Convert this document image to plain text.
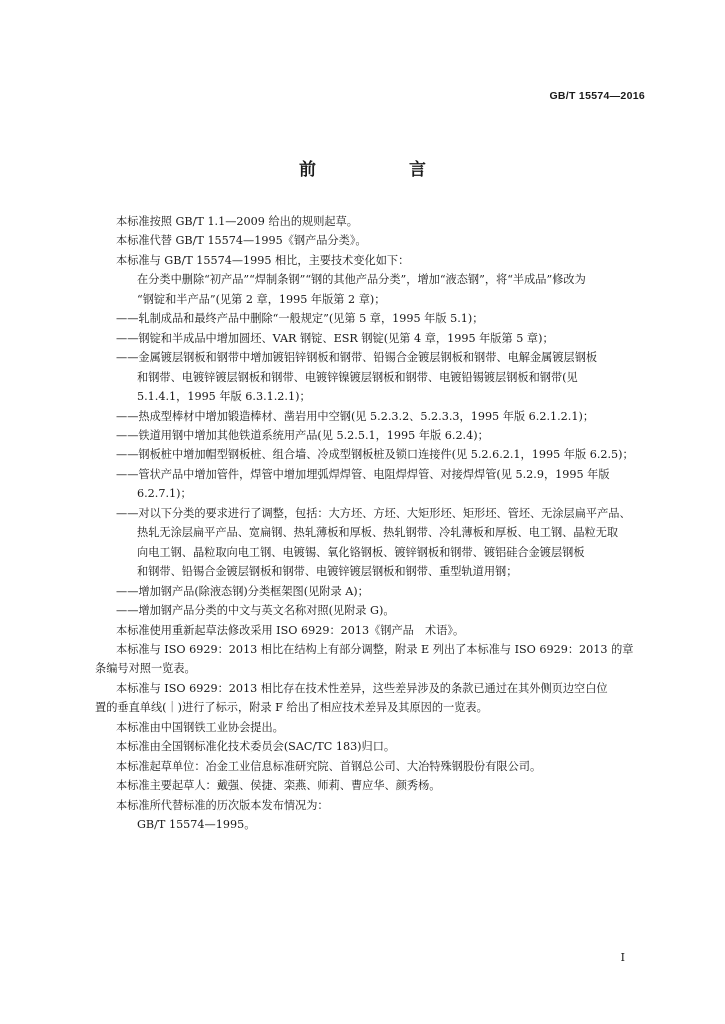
GB/T 15574—2016
前　言

本标准按照 GB/T 1.1—2009 给出的规则起草。

本标准代替 GB/T 15574—1995《钢产品分类》。

本标准与 GB/T 15574—1995 相比，主要技术变化如下：

在分类中删除“初产品”“焊制条钢”“钢的其他产品分类”，增加“液态钢”，将“半成品”修改为

“钢锭和半产品”(见第 2 章，1995 年版第 2 章)；

——轧制成品和最终产品中删除“一般规定”(见第 5 章，1995 年版 5.1)；

——钢锭和半成品中增加圆坯、VAR 钢锭、ESR 钢锭(见第 4 章，1995 年版第 5 章)；

——金属镀层钢板和钢带中增加镀铝锌钢板和钢带、铅锡合金镀层钢板和钢带、电解金属镀层钢板

和钢带、电镀锌镀层钢板和钢带、电镀锌镍镀层钢板和钢带、电镀铅锡镀层钢板和钢带(见

5.1.4.1，1995 年版 6.3.1.2.1)；

——热成型棒材中增加锻造棒材、凿岩用中空钢(见 5.2.3.2、5.2.3.3，1995 年版 6.2.1.2.1)；

——铁道用钢中增加其他铁道系统用产品(见 5.2.5.1，1995 年版 6.2.4)；

——钢板桩中增加帽型钢板桩、组合墙、冷成型钢板桩及锁口连接件(见 5.2.6.2.1，1995 年版 6.2.5)；

——管状产品中增加管件，焊管中增加埋弧焊焊管、电阻焊焊管、对接焊焊管(见 5.2.9，1995 年版

6.2.7.1)；

——对以下分类的要求进行了调整，包括：大方坯、方坯、大矩形坯、矩形坯、管坯、无涂层扁平产品、

热轧无涂层扁平产品、宽扁钢、热轧薄板和厚板、热轧钢带、冷轧薄板和厚板、电工钢、晶粒无取

向电工钢、晶粒取向电工钢、电镀锡、氧化铬钢板、镀锌钢板和钢带、镀铝硅合金镀层钢板

和钢带、铅锡合金镀层钢板和钢带、电镀锌镀层钢板和钢带、重型轨道用钢；

——增加钢产品(除液态钢)分类框架图(见附录 A)；

——增加钢产品分类的中文与英文名称对照(见附录 G)。

本标准使用重新起草法修改采用 ISO 6929：2013《钢产品　术语》。

本标准与 ISO 6929：2013 相比在结构上有部分调整，附录 E 列出了本标准与 ISO 6929：2013 的章

条编号对照一览表。

本标准与 ISO 6929：2013 相比存在技术性差异，这些差异涉及的条款已通过在其外侧页边空白位

置的垂直单线(｜)进行了标示，附录 F 给出了相应技术差异及其原因的一览表。

本标准由中国钢铁工业协会提出。

本标准由全国钢标准化技术委员会(SAC/TC 183)归口。

本标准起草单位：冶金工业信息标准研究院、首钢总公司、大冶特殊钢股份有限公司。

本标准主要起草人：戴强、侯捷、栾燕、师莉、曹应华、颜秀杨。

本标准所代替标准的历次版本发布情况为：

GB/T 15574—1995。

I
